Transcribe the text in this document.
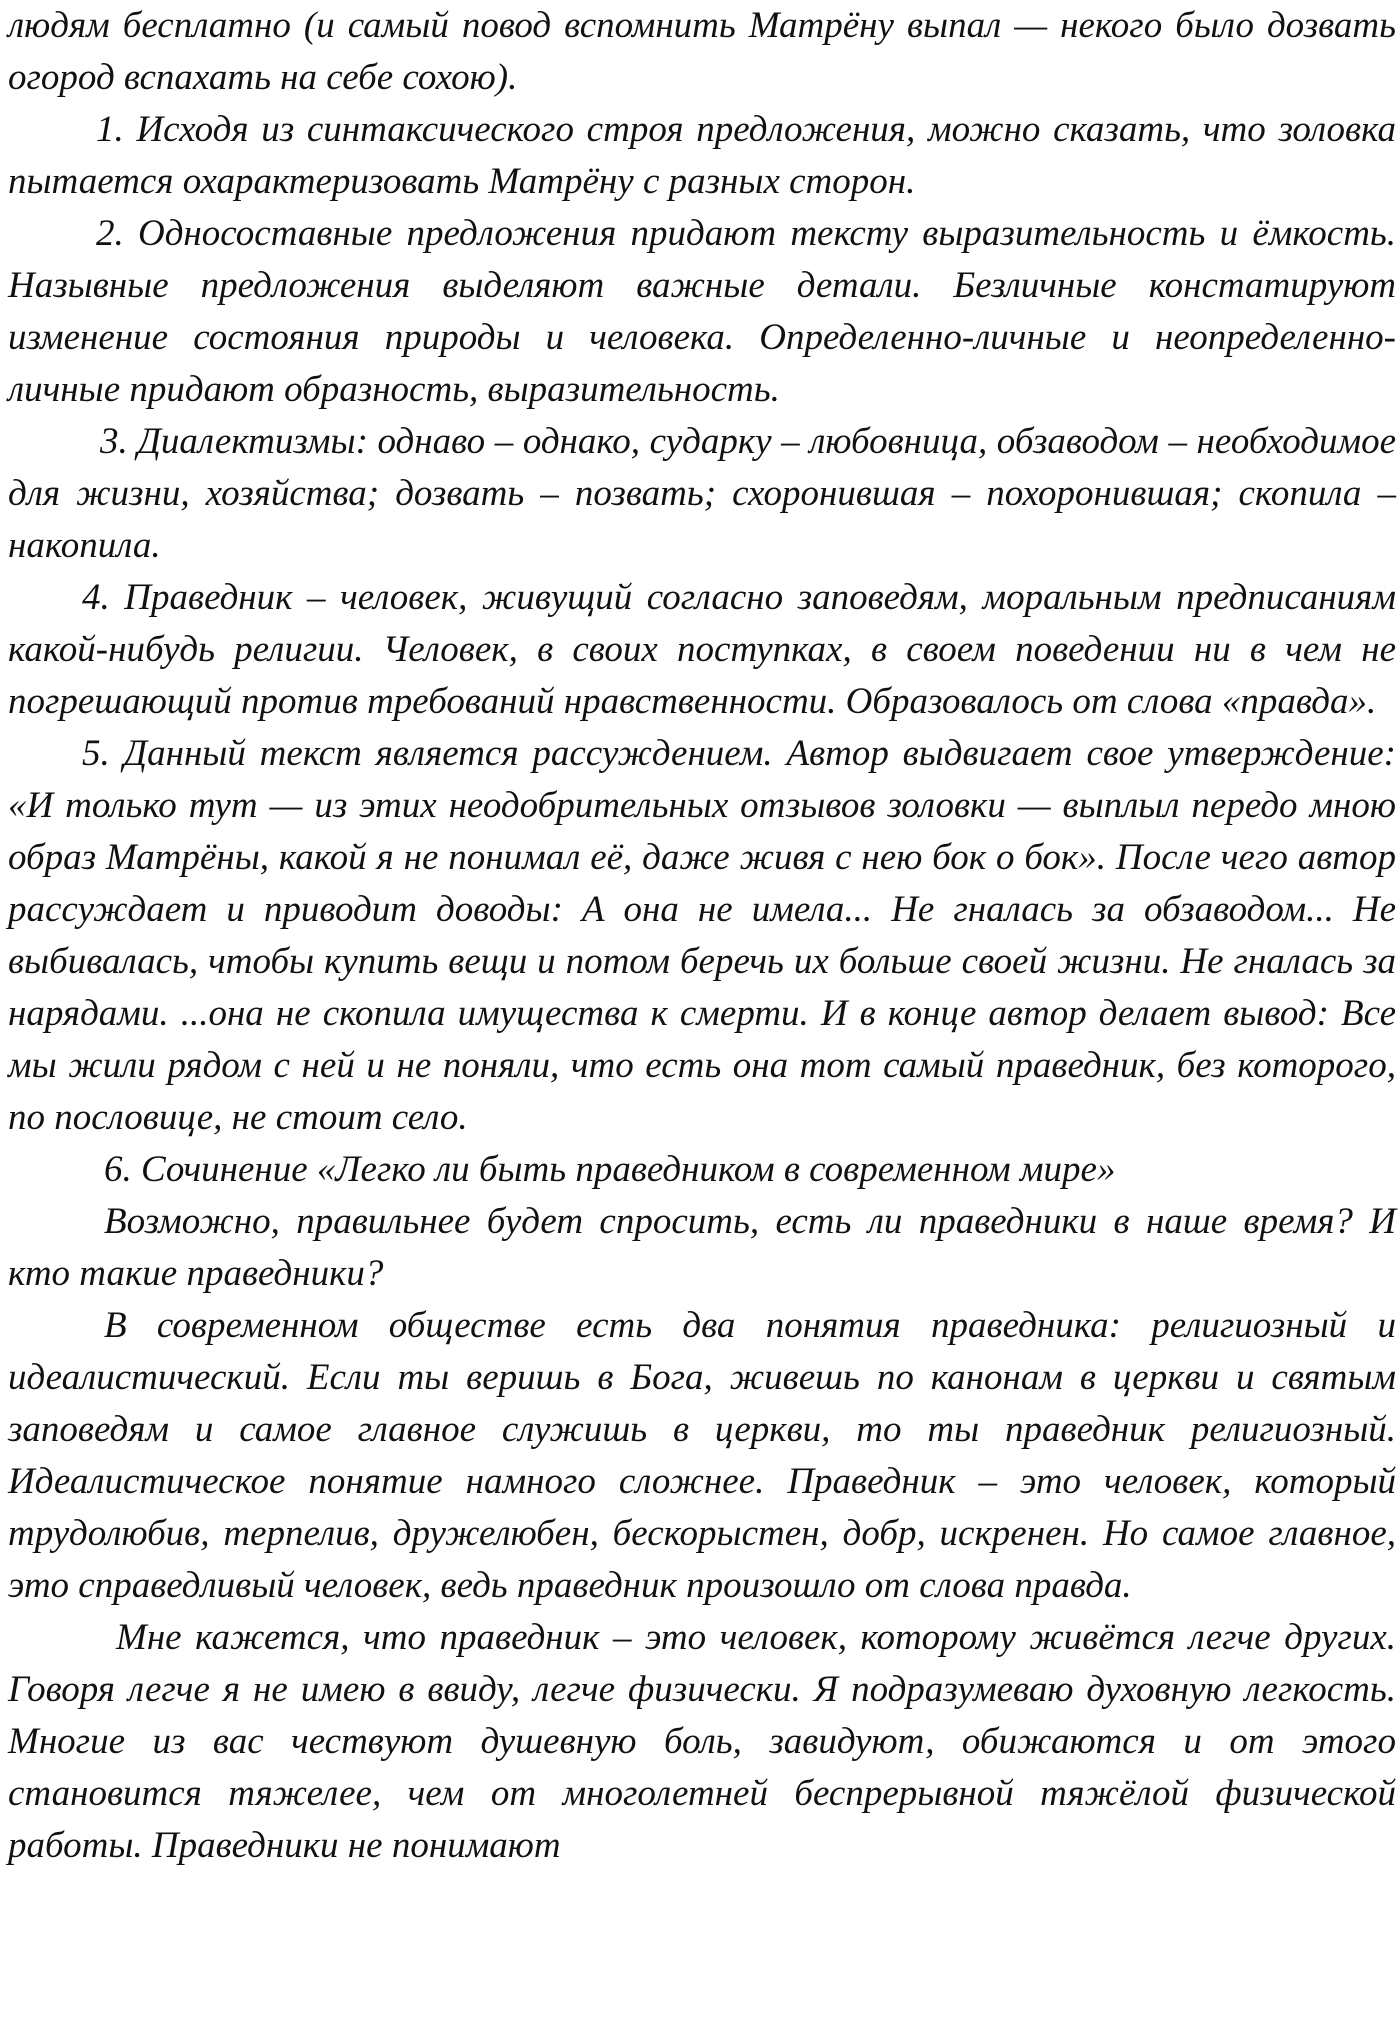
людям бесплатно (и самый повод вспомнить Матрёну выпал — некого было дозвать огород вспахать на себе сохою).

1. Исходя из синтаксического строя предложения, можно сказать, что золовка пытается охарактеризовать Матрёну с разных сторон.

2. Односоставные предложения придают тексту выразительность и ёмкость. Назывные предложения выделяют важные детали. Безличные констатируют изменение состояния природы и человека. Определенно-личные и неопределенно-личные придают образность, выразительность.

3. Диалектизмы: однаво – однако, сударку – любовница, обзаводом – необходимое для жизни, хозяйства; дозвать – позвать; схоронившая – похоронившая; скопила – накопила.

4. Праведник – человек, живущий согласно заповедям, моральным предписаниям какой-нибудь религии. Человек, в своих поступках, в своем поведении ни в чем не погрешающий против требований нравственности. Образовалось от слова «правда».

5. Данный текст является рассуждением. Автор выдвигает свое утверждение: «И только тут — из этих неодобрительных отзывов золовки — выплыл передо мною образ Матрёны, какой я не понимал её, даже живя с нею бок о бок». После чего автор рассуждает и приводит доводы: А она не имела... Не гналась за обзаводом... Не выбивалась, чтобы купить вещи и потом беречь их больше своей жизни. Не гналась за нарядами. ...она не скопила имущества к смерти. И в конце автор делает вывод: Все мы жили рядом с ней и не поняли, что есть она тот самый праведник, без которого, по пословице, не стоит село.

6. Сочинение «Легко ли быть праведником в современном мире»

Возможно, правильнее будет спросить, есть ли праведники в наше время? И кто такие праведники?

В современном обществе есть два понятия праведника: религиозный и идеалистический. Если ты веришь в Бога, живешь по канонам в церкви и святым заповедям и самое главное служишь в церкви, то ты праведник религиозный. Идеалистическое понятие намного сложнее. Праведник – это человек, который трудолюбив, терпелив, дружелюбен, бескорыстен, добр, искренен. Но самое главное, это справедливый человек, ведь праведник произошло от слова правда.

Мне кажется, что праведник – это человек, которому живётся легче других. Говоря легче я не имею в ввиду, легче физически. Я подразумеваю духовную легкость. Многие из вас чествуют душевную боль, завидуют, обижаются и от этого становится тяжелее, чем от многолетней беспрерывной тяжёлой физической работы. Праведники не понимают
